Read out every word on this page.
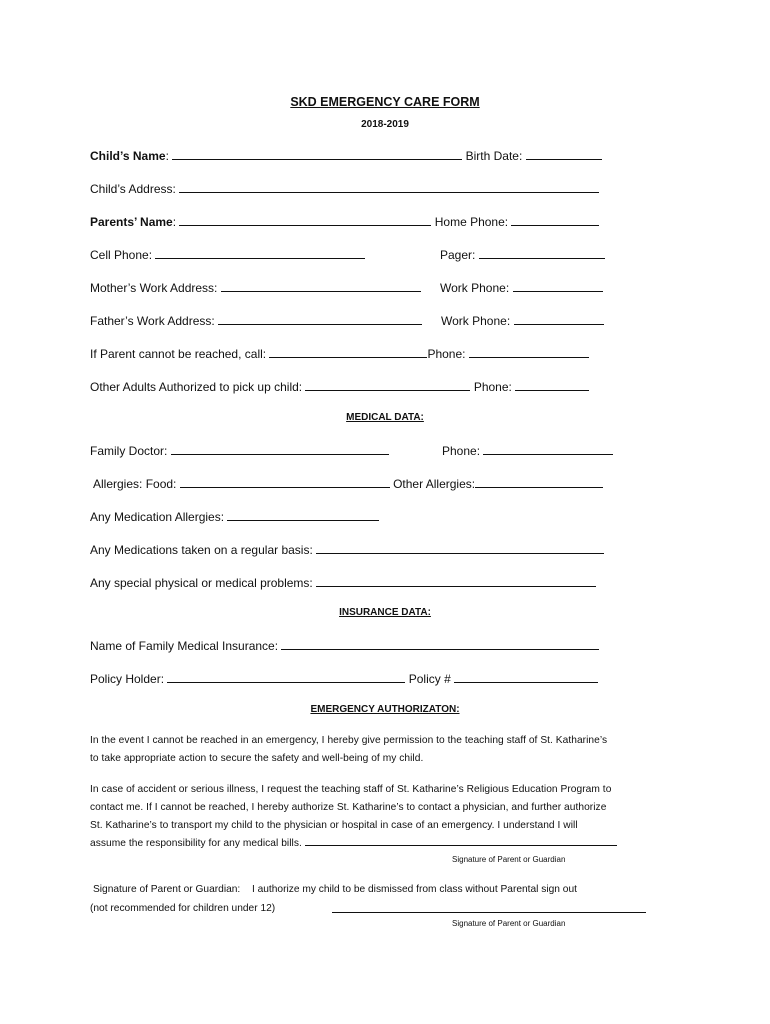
SKD EMERGENCY CARE FORM
2018-2019
Child’s Name:	Birth Date:
Child’s Address:
Parents’ Name:	Home Phone:
Cell Phone:	Pager:
Mother’s Work Address:	Work Phone:
Father’s Work Address:	Work Phone:
If Parent cannot be reached, call:	Phone:
Other Adults Authorized to pick up child:	Phone:
MEDICAL DATA:
Family Doctor:	Phone:
Allergies: Food:	Other Allergies:
Any Medication Allergies:
Any Medications taken on a regular basis:
Any special physical or medical problems:
INSURANCE DATA:
Name of Family Medical Insurance:
Policy Holder:	Policy #
EMERGENCY AUTHORIZATON:
In the event I cannot be reached in an emergency, I hereby give permission to the teaching staff of St. Katharine’s
to take appropriate action to secure the safety and well-being of my child.
In case of accident or serious illness, I request the teaching staff of St. Katharine’s Religious Education Program to
contact me. If I cannot be reached, I hereby authorize St. Katharine’s to contact a physician, and further authorize
St. Katharine’s to transport my child to the physician or hospital in case of an emergency. I understand I will
assume the responsibility for any medical bills.
Signature of Parent or Guardian
Signature of Parent or Guardian: I authorize my child to be dismissed from class without Parental sign out
(not recommended for children under 12)
Signature of Parent or Guardian
